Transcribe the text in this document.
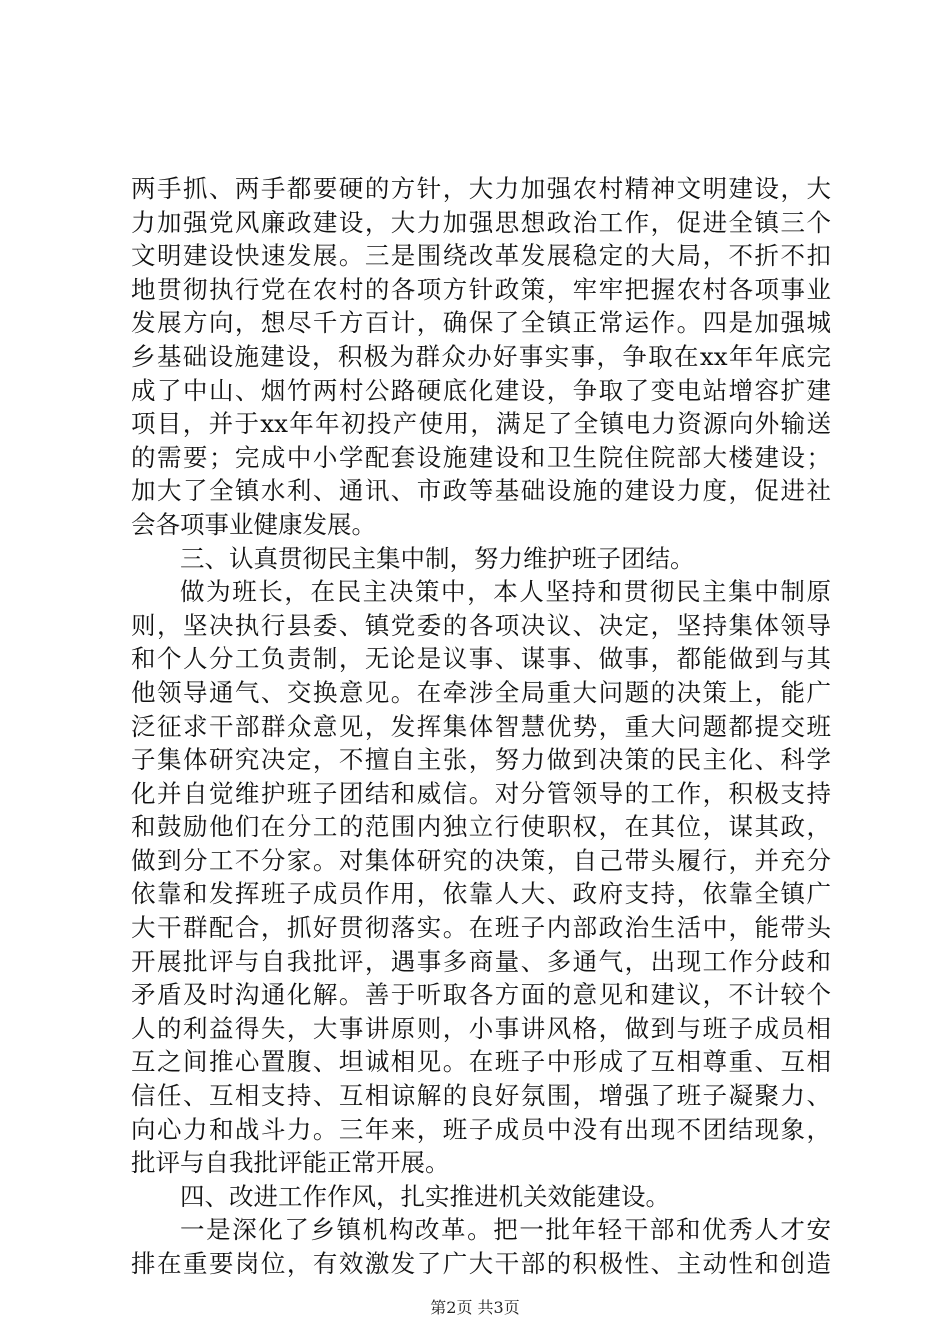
两手抓、两手都要硬的方针，大力加强农村精神文明建设，大
力加强党风廉政建设，大力加强思想政治工作，促进全镇三个
文明建设快速发展。三是围绕改革发展稳定的大局，不折不扣
地贯彻执行党在农村的各项方针政策，牢牢把握农村各项事业
发展方向，想尽千方百计，确保了全镇正常运作。四是加强城
乡基础设施建设，积极为群众办好事实事，争取在xx年年底完
成了中山、烟竹两村公路硬底化建设，争取了变电站增容扩建
项目，并于xx年年初投产使用，满足了全镇电力资源向外输送
的需要；完成中小学配套设施建设和卫生院住院部大楼建设；
加大了全镇水利、通讯、市政等基础设施的建设力度，促进社
会各项事业健康发展。
三、认真贯彻民主集中制，努力维护班子团结。
做为班长，在民主决策中，本人坚持和贯彻民主集中制原
则，坚决执行县委、镇党委的各项决议、决定，坚持集体领导
和个人分工负责制，无论是议事、谋事、做事，都能做到与其
他领导通气、交换意见。在牵涉全局重大问题的决策上，能广
泛征求干部群众意见，发挥集体智慧优势，重大问题都提交班
子集体研究决定，不擅自主张，努力做到决策的民主化、科学
化并自觉维护班子团结和威信。对分管领导的工作，积极支持
和鼓励他们在分工的范围内独立行使职权，在其位，谋其政，
做到分工不分家。对集体研究的决策，自己带头履行，并充分
依靠和发挥班子成员作用，依靠人大、政府支持，依靠全镇广
大干群配合，抓好贯彻落实。在班子内部政治生活中，能带头
开展批评与自我批评，遇事多商量、多通气，出现工作分歧和
矛盾及时沟通化解。善于听取各方面的意见和建议，不计较个
人的利益得失，大事讲原则，小事讲风格，做到与班子成员相
互之间推心置腹、坦诚相见。在班子中形成了互相尊重、互相
信任、互相支持、互相谅解的良好氛围，增强了班子凝聚力、
向心力和战斗力。三年来，班子成员中没有出现不团结现象，
批评与自我批评能正常开展。
四、改进工作作风，扎实推进机关效能建设。
一是深化了乡镇机构改革。把一批年轻干部和优秀人才安
排在重要岗位，有效激发了广大干部的积极性、主动性和创造
第2页 共3页
